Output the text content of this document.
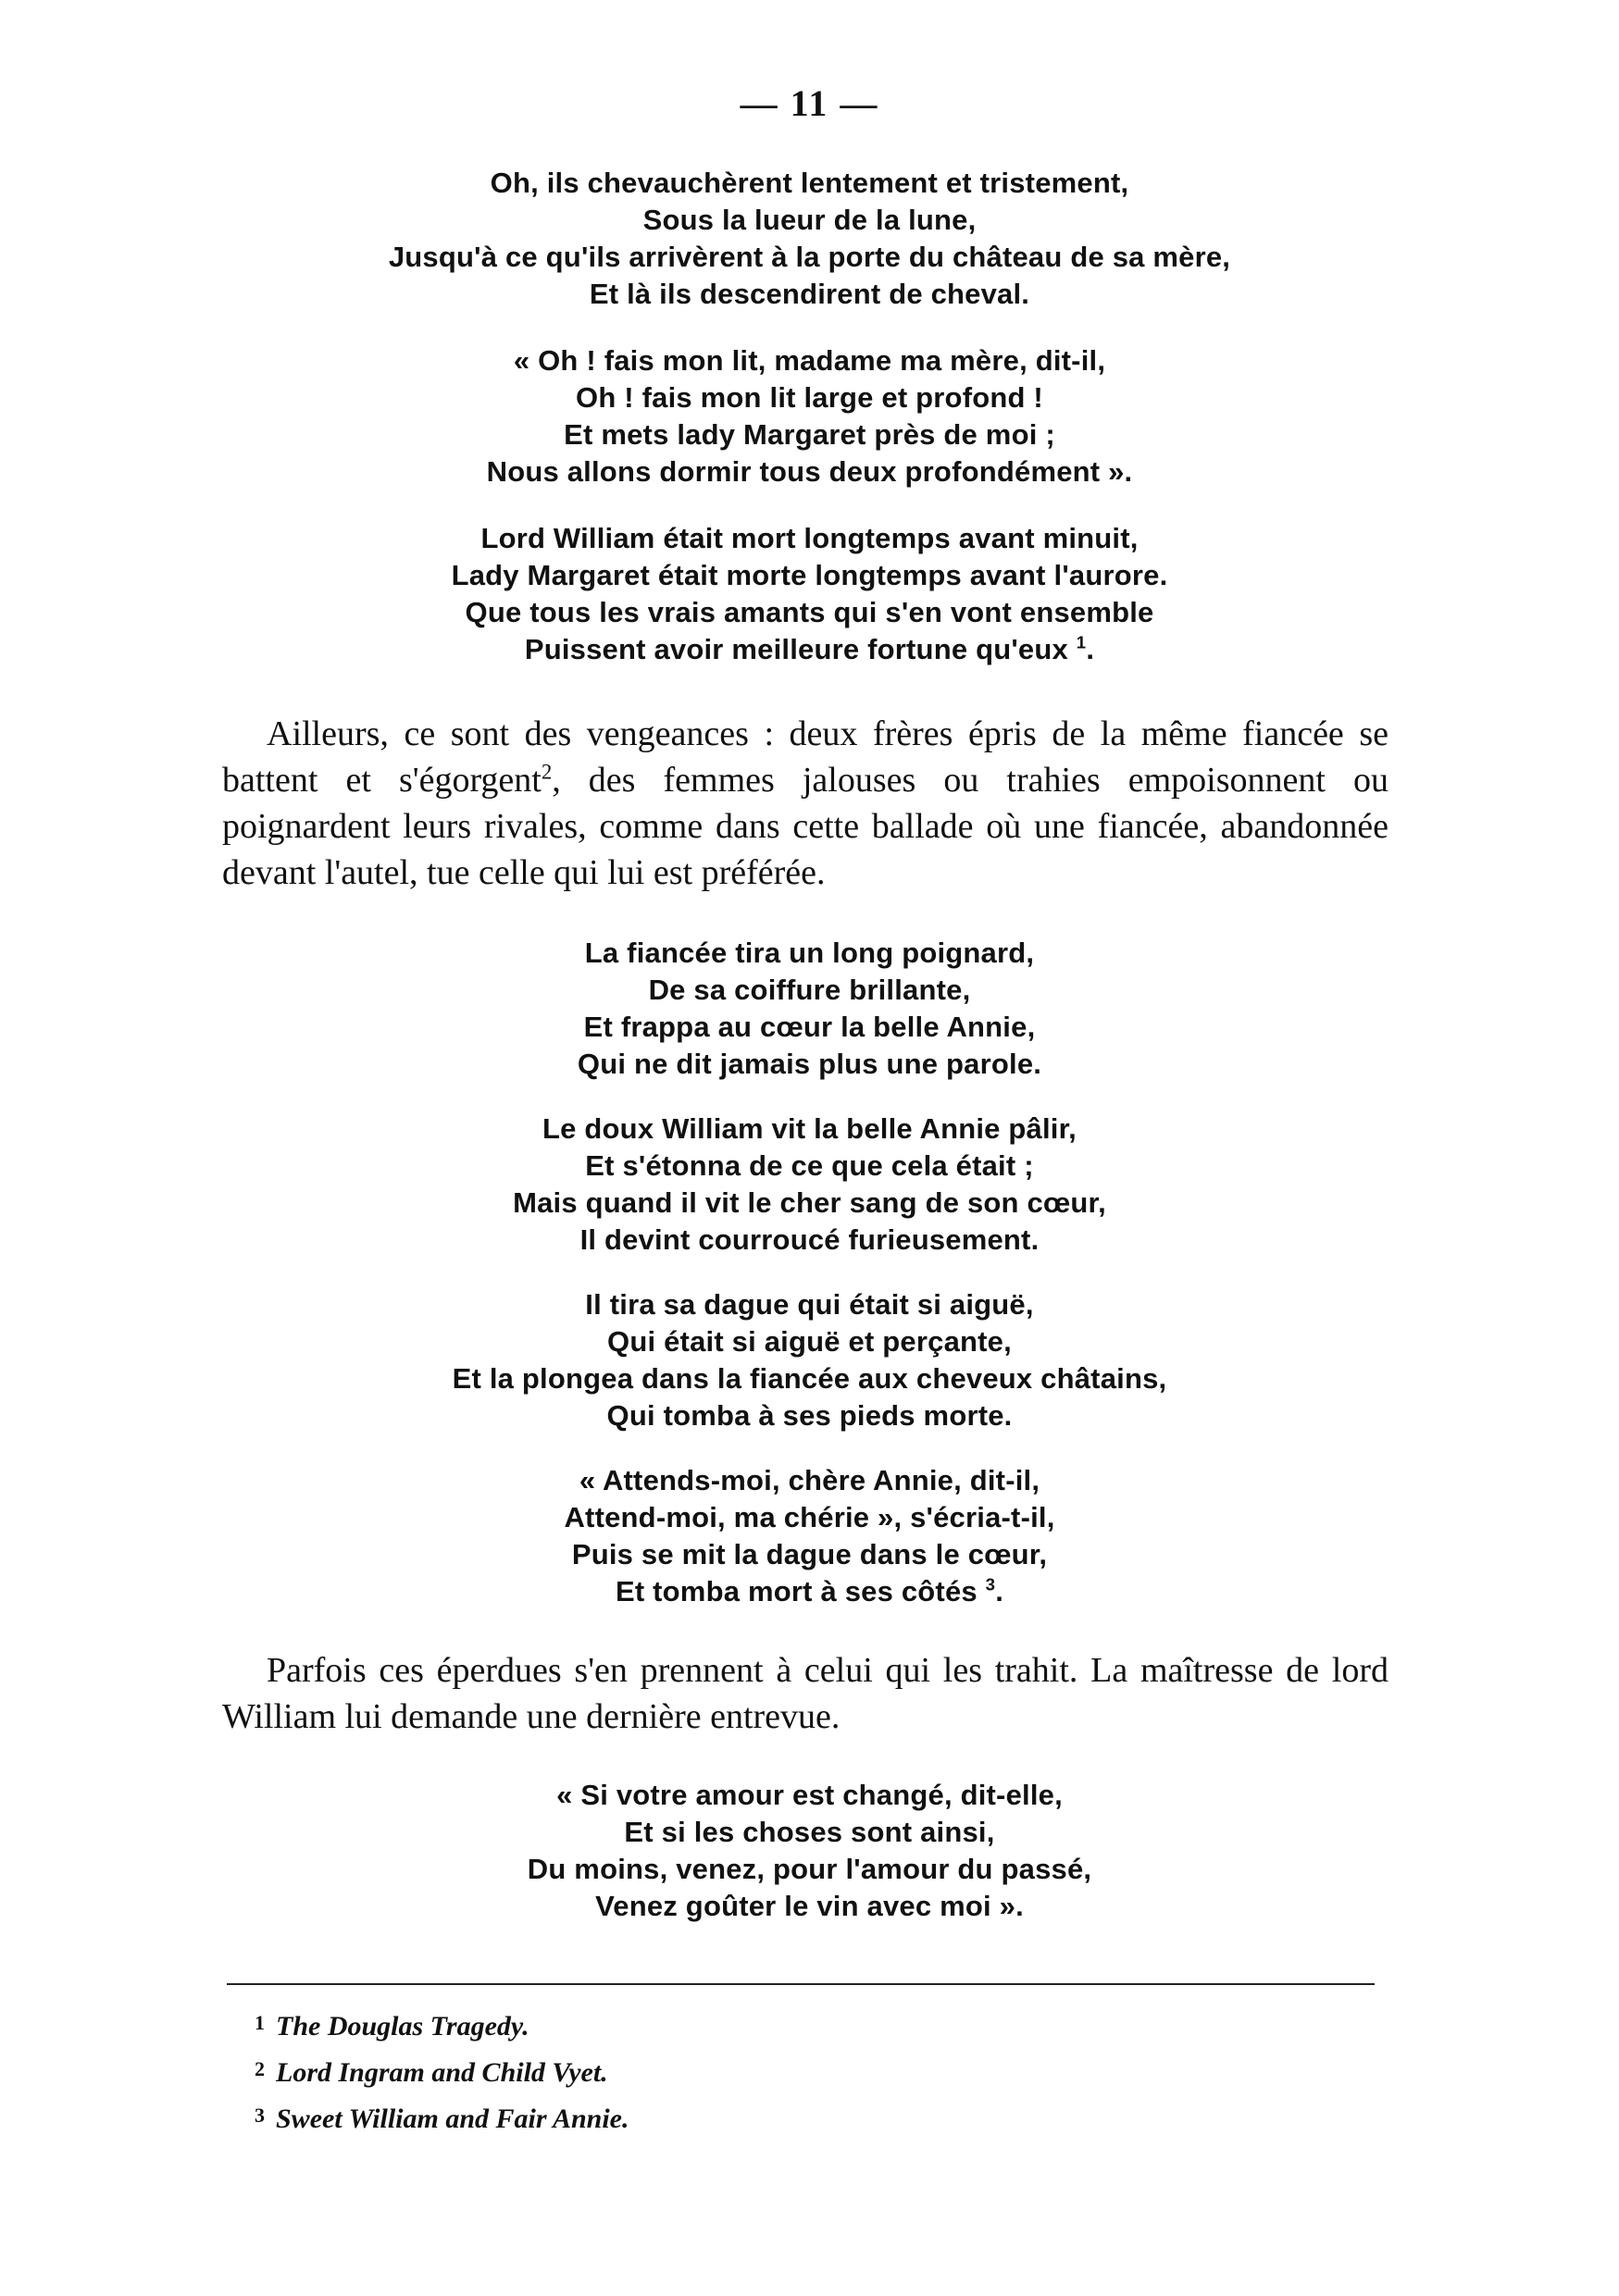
— 11 —
Oh, ils chevauchèrent lentement et tristement,
Sous la lueur de la lune,
Jusqu'à ce qu'ils arrivèrent à la porte du château de sa mère,
Et là ils descendirent de cheval.
« Oh ! fais mon lit, madame ma mère, dit-il,
Oh ! fais mon lit large et profond !
Et mets lady Margaret près de moi ;
Nous allons dormir tous deux profondément ».
Lord William était mort longtemps avant minuit,
Lady Margaret était morte longtemps avant l'aurore.
Que tous les vrais amants qui s'en vont ensemble
Puissent avoir meilleure fortune qu'eux $^1$.

Ailleurs, ce sont des vengeances : deux frères épris de la même fiancée se battent et s'égorgent$^2$, des femmes jalouses ou trahies empoisonnent ou poignardent leurs rivales, comme dans cette ballade où une fiancée, abandonnée devant l'autel, tue celle qui lui est préférée.

La fiancée tira un long poignard,
De sa coiffure brillante,
Et frappa au cœur la belle Annie,
Qui ne dit jamais plus une parole.
Le doux William vit la belle Annie pâlir,
Et s'étonna de ce que cela était ;
Mais quand il vit le cher sang de son cœur,
Il devint courroucé furieusement.
Il tira sa dague qui était si aiguë,
Qui était si aiguë et perçante,
Et la plongea dans la fiancée aux cheveux châtains,
Qui tomba à ses pieds morte.
« Attends-moi, chère Annie, dit-il,
Attend-moi, ma chérie », s'écria-t-il,
Puis se mit la dague dans le cœur,
Et tomba mort à ses côtés $^3$.

Parfois ces éperdues s'en prennent à celui qui les trahit. La maîtresse de lord William lui demande une dernière entrevue.

« Si votre amour est changé, dit-elle,
Et si les choses sont ainsi,
Du moins, venez, pour l'amour du passé,
Venez goûter le vin avec moi ».
$^1$ The Douglas Tragedy.
$^2$ Lord Ingram and Child Vyet.
$^3$ Sweet William and Fair Annie.
